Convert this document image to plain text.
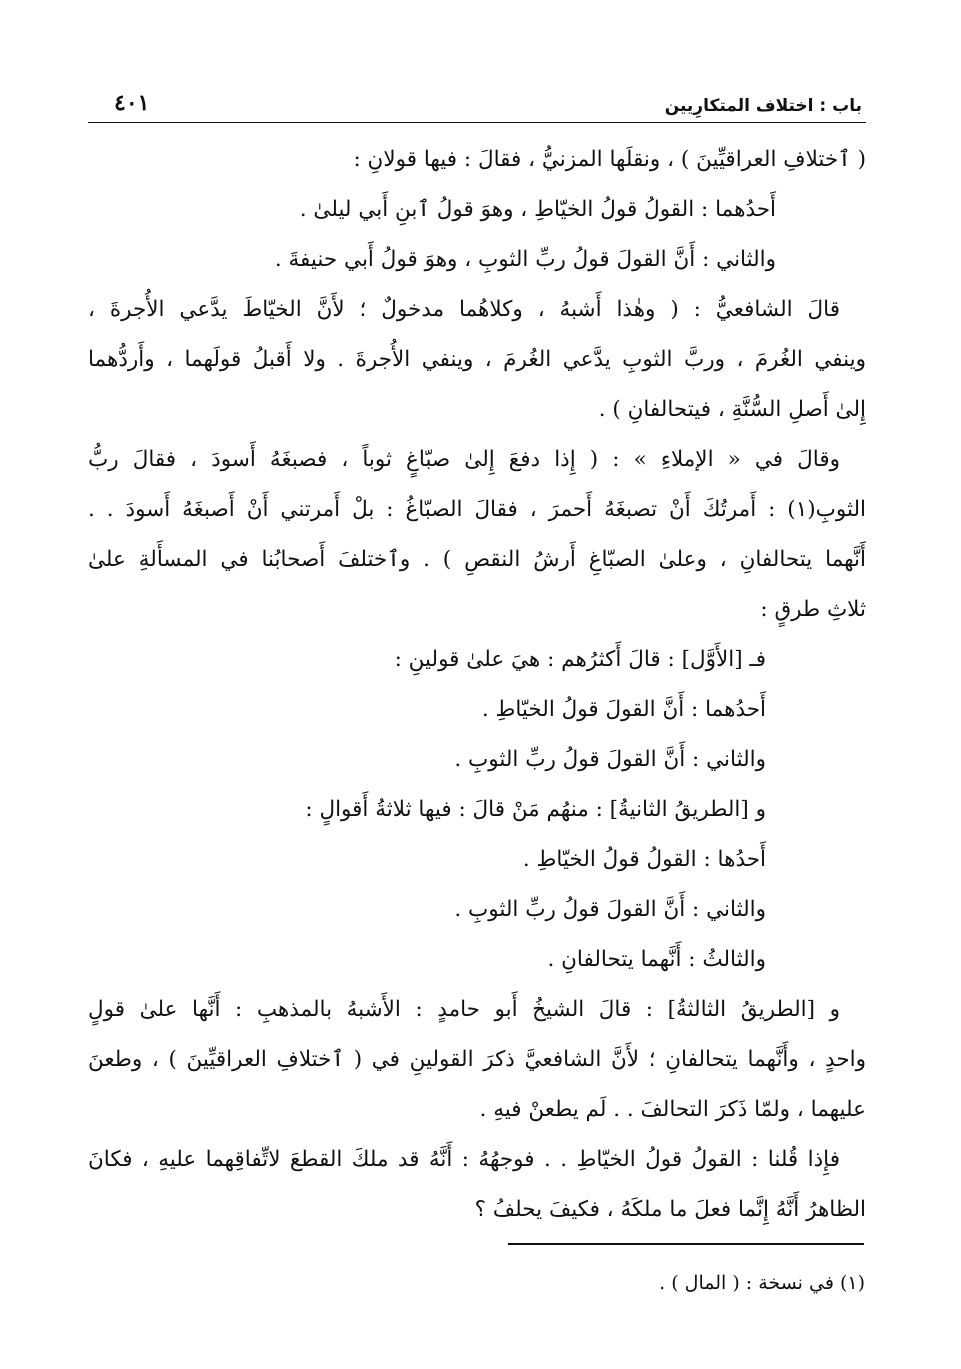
باب : اختلاف المتكارِيين
٤٠١
( ٱختلافِ العراقيِّينَ ) ، ونقلَها المزنيُّ ، فقالَ : فيها قولانِ :
أَحدُهما : القولُ قولُ الخيّاطِ ، وهوَ قولُ ٱبنِ أَبي ليلىٰ .
والثاني : أَنَّ القولَ قولُ ربِّ الثوبِ ، وهوَ قولُ أَبي حنيفةَ .
قالَ الشافعيُّ : ( وهٰذا أَشبهُ ، وكلاهُما مدخولٌ ؛ لأَنَّ الخيّاطَ يدَّعي الأُجرةَ ،
وينفي الغُرمَ ، وربَّ الثوبِ يدَّعي الغُرمَ ، وينفي الأُجرةَ . ولا أَقبلُ قولَهما ، وأَردُّهما
إِلىٰ أَصلِ السُّنَّةِ ، فيتحالفانِ ) .
وقالَ في « الإملاءِ » : ( إِذا دفعَ إِلىٰ صبّاغٍ ثوباً ، فصبغَهُ أَسودَ ، فقالَ ربُّ
الثوبِ(١) : أَمرتُكَ أَنْ تصبغَهُ أَحمرَ ، فقالَ الصبّاغُ : بلْ أَمرتني أَنْ أَصبغَهُ أَسودَ . .
أَنَّهما يتحالفانِ ، وعلىٰ الصبّاغِ أَرشُ النقصِ ) . وٱختلفَ أَصحابُنا في المسأَلةِ علىٰ
ثلاثِ طرقٍ :
فـ [الأَوَّل] : قالَ أَكثرُهم : هيَ علىٰ قولينِ :
أَحدُهما : أَنَّ القولَ قولُ الخيّاطِ .
والثاني : أَنَّ القولَ قولُ ربِّ الثوبِ .
و [الطريقُ الثانيةُ] : منهُم مَنْ قالَ : فيها ثلاثةُ أَقوالٍ :
أَحدُها : القولُ قولُ الخيّاطِ .
والثاني : أَنَّ القولَ قولُ ربِّ الثوبِ .
والثالثُ : أَنَّهما يتحالفانِ .
و [الطريقُ الثالثةُ] : قالَ الشيخُ أَبو حامدٍ : الأَشبهُ بالمذهبِ : أَنَّها علىٰ قولٍ
واحدٍ ، وأَنَّهما يتحالفانِ ؛ لأَنَّ الشافعيَّ ذكرَ القولينِ في ( ٱختلافِ العراقيِّينَ ) ، وطعنَ
عليهما ، ولمّا ذَكرَ التحالفَ . . لَم يطعنْ فيهِ .
فإِذا قُلنا : القولُ قولُ الخيّاطِ . . فوجهُهُ : أَنَّهُ قد ملكَ القطعَ لاتِّفاقِهما عليهِ ، فكانَ
الظاهرُ أَنَّهُ إِنَّما فعلَ ما ملكَهُ ، فكيفَ يحلفُ ؟
(١) في نسخة : ( المال ) .
